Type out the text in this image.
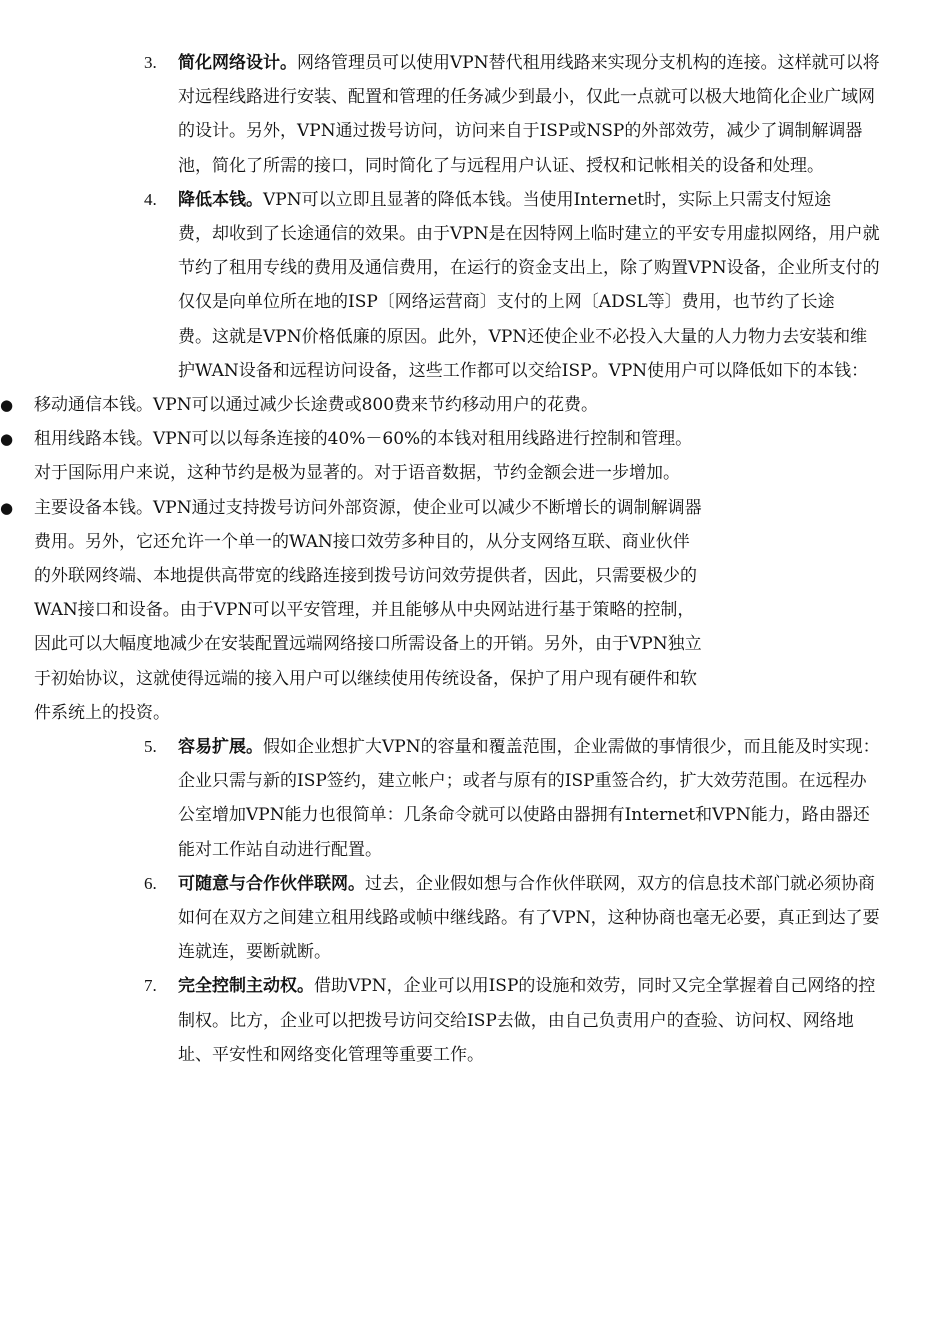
3. 简化网络设计。网络管理员可以使用VPN替代租用线路来实现分支机构的连接。这样就可以将对远程线路进行安装、配置和管理的任务减少到最小，仅此一点就可以极大地简化企业广域网的设计。另外，VPN通过拨号访问，访问来自于ISP或NSP的外部效劳，减少了调制解调器池，简化了所需的接口，同时简化了与远程用户认证、授权和记帐相关的设备和处理。
4. 降低本钱。VPN可以立即且显著的降低本钱。当使用Internet时，实际上只需支付短途　　费，却收到了长途通信的效果。由于VPN是在因特网上临时建立的平安专用虚拟网络，用户就节约了租用专线的费用及通信费用，在运行的资金支出上，除了购置VPN设备，企业所支付的仅仅是向单位所在地的ISP〔网络运营商〕支付的上网〔ADSL等〕费用，也节约了长途　　费。这就是VPN价格低廉的原因。此外，VPN还使企业不必投入大量的人力物力去安装和维护WAN设备和远程访问设备，这些工作都可以交给ISP。VPN使用户可以降低如下的本钱：
● 移动通信本钱。VPN可以通过减少长途费或800费来节约移动用户的花费。
● 租用线路本钱。VPN可以以每条连接的40%－60%的本钱对租用线路进行控制和管理。对于国际用户来说，这种节约是极为显著的。对于语音数据，节约金额会进一步增加。
● 主要设备本钱。VPN通过支持拨号访问外部资源，使企业可以减少不断增长的调制解调器费用。另外，它还允许一个单一的WAN接口效劳多种目的，从分支网络互联、商业伙伴的外联网终端、本地提供高带宽的线路连接到拨号访问效劳提供者，因此，只需要极少的WAN接口和设备。由于VPN可以平安管理，并且能够从中央网站进行基于策略的控制，因此可以大幅度地减少在安装配置远端网络接口所需设备上的开销。另外，由于VPN独立于初始协议，这就使得远端的接入用户可以继续使用传统设备，保护了用户现有硬件和软件系统上的投资。
5. 容易扩展。假如企业想扩大VPN的容量和覆盖范围，企业需做的事情很少，而且能及时实现：企业只需与新的ISP签约，建立帐户；或者与原有的ISP重签合约，扩大效劳范围。在远程办公室增加VPN能力也很简单：几条命令就可以使路由器拥有Internet和VPN能力，路由器还能对工作站自动进行配置。
6. 可随意与合作伙伴联网。过去，企业假如想与合作伙伴联网，双方的信息技术部门就必须协商如何在双方之间建立租用线路或帧中继线路。有了VPN，这种协商也毫无必要，真正到达了要连就连，要断就断。
7. 完全控制主动权。借助VPN，企业可以用ISP的设施和效劳，同时又完全掌握着自己网络的控制权。比方，企业可以把拨号访问交给ISP去做，由自己负责用户的查验、访问权、网络地址、平安性和网络变化管理等重要工作。
